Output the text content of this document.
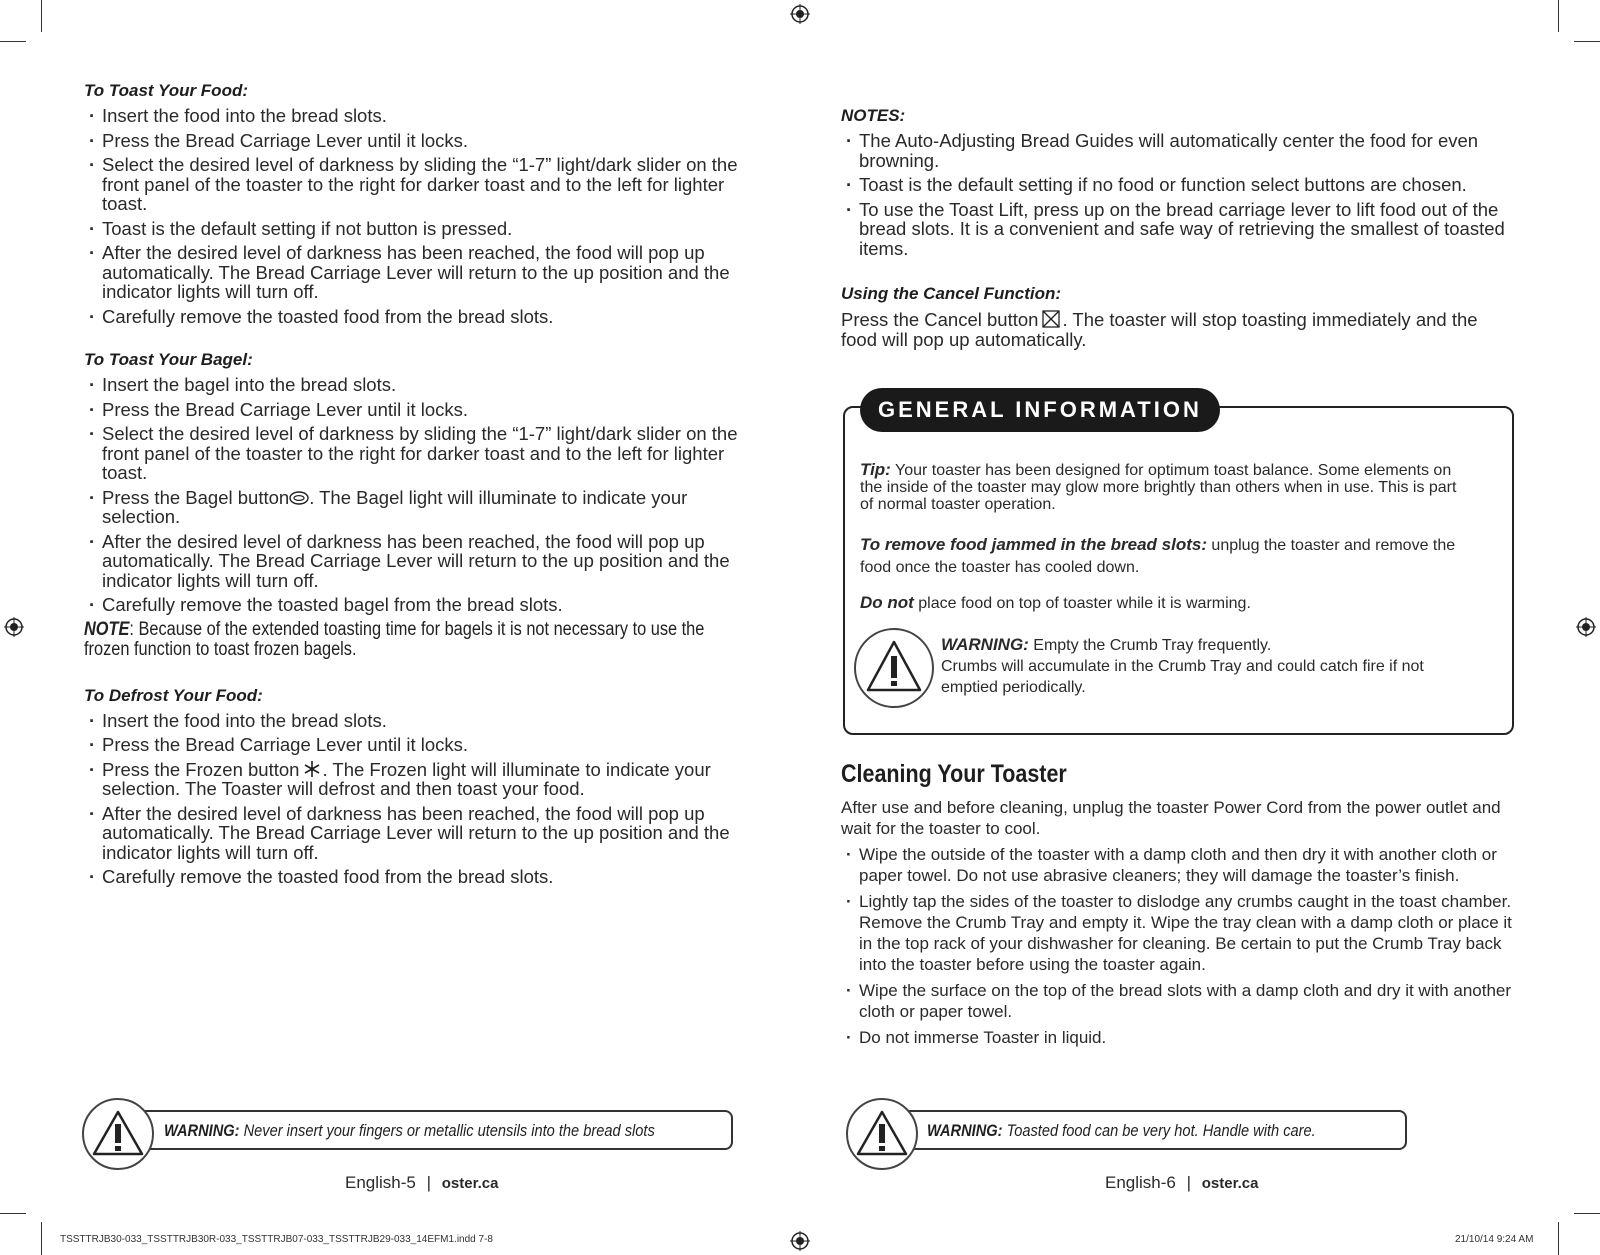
To Toast Your Food:
· Insert the food into the bread slots.
· Press the Bread Carriage Lever until it locks.
· Select the desired level of darkness by sliding the “1-7” light/dark slider on the front panel of the toaster to the right for darker toast and to the left for lighter toast.
· Toast is the default setting if not button is pressed.
· After the desired level of darkness has been reached, the food will pop up automatically. The Bread Carriage Lever will return to the up position and the indicator lights will turn off.
· Carefully remove the toasted food from the bread slots.
To Toast Your Bagel:
· Insert the bagel into the bread slots.
· Press the Bread Carriage Lever until it locks.
· Select the desired level of darkness by sliding the “1-7” light/dark slider on the front panel of the toaster to the right for darker toast and to the left for lighter toast.
· Press the Bagel button . The Bagel light will illuminate to indicate your selection.
· After the desired level of darkness has been reached, the food will pop up automatically. The Bread Carriage Lever will return to the up position and the indicator lights will turn off.
· Carefully remove the toasted bagel from the bread slots.
NOTE: Because of the extended toasting time for bagels it is not necessary to use the frozen function to toast frozen bagels.
To Defrost Your Food:
· Insert the food into the bread slots.
· Press the Bread Carriage Lever until it locks.
· Press the Frozen button . The Frozen light will illuminate to indicate your selection. The Toaster will defrost and then toast your food.
· After the desired level of darkness has been reached, the food will pop up automatically. The Bread Carriage Lever will return to the up position and the indicator lights will turn off.
· Carefully remove the toasted food from the bread slots.
WARNING: Never insert your fingers or metallic utensils into the bread slots
English-5 | oster.ca
NOTES:
· The Auto-Adjusting Bread Guides will automatically center the food for even browning.
· Toast is the default setting if no food or function select buttons are chosen.
· To use the Toast Lift, press up on the bread carriage lever to lift food out of the bread slots. It is a convenient and safe way of retrieving the smallest of toasted items.
Using the Cancel Function:
Press the Cancel button . The toaster will stop toasting immediately and the food will pop up automatically.
GENERAL INFORMATION
Tip: Your toaster has been designed for optimum toast balance. Some elements on the inside of the toaster may glow more brightly than others when in use. This is part of normal toaster operation.
To remove food jammed in the bread slots: unplug the toaster and remove the food once the toaster has cooled down.
Do not place food on top of toaster while it is warming.
WARNING: Empty the Crumb Tray frequently.
Crumbs will accumulate in the Crumb Tray and could catch fire if not emptied periodically.
Cleaning Your Toaster
After use and before cleaning, unplug the toaster Power Cord from the power outlet and wait for the toaster to cool.
· Wipe the outside of the toaster with a damp cloth and then dry it with another cloth or paper towel. Do not use abrasive cleaners; they will damage the toaster’s finish.
· Lightly tap the sides of the toaster to dislodge any crumbs caught in the toast chamber. Remove the Crumb Tray and empty it. Wipe the tray clean with a damp cloth or place it in the top rack of your dishwasher for cleaning. Be certain to put the Crumb Tray back into the toaster before using the toaster again.
· Wipe the surface on the top of the bread slots with a damp cloth and dry it with another cloth or paper towel.
· Do not immerse Toaster in liquid.
WARNING: Toasted food can be very hot. Handle with care.
English-6 | oster.ca
TSSTTRJB30-033_TSSTTRJB30R-033_TSSTTRJB07-033_TSSTTRJB29-033_14EFM1.indd 7-8	21/10/14 9:24 AM
